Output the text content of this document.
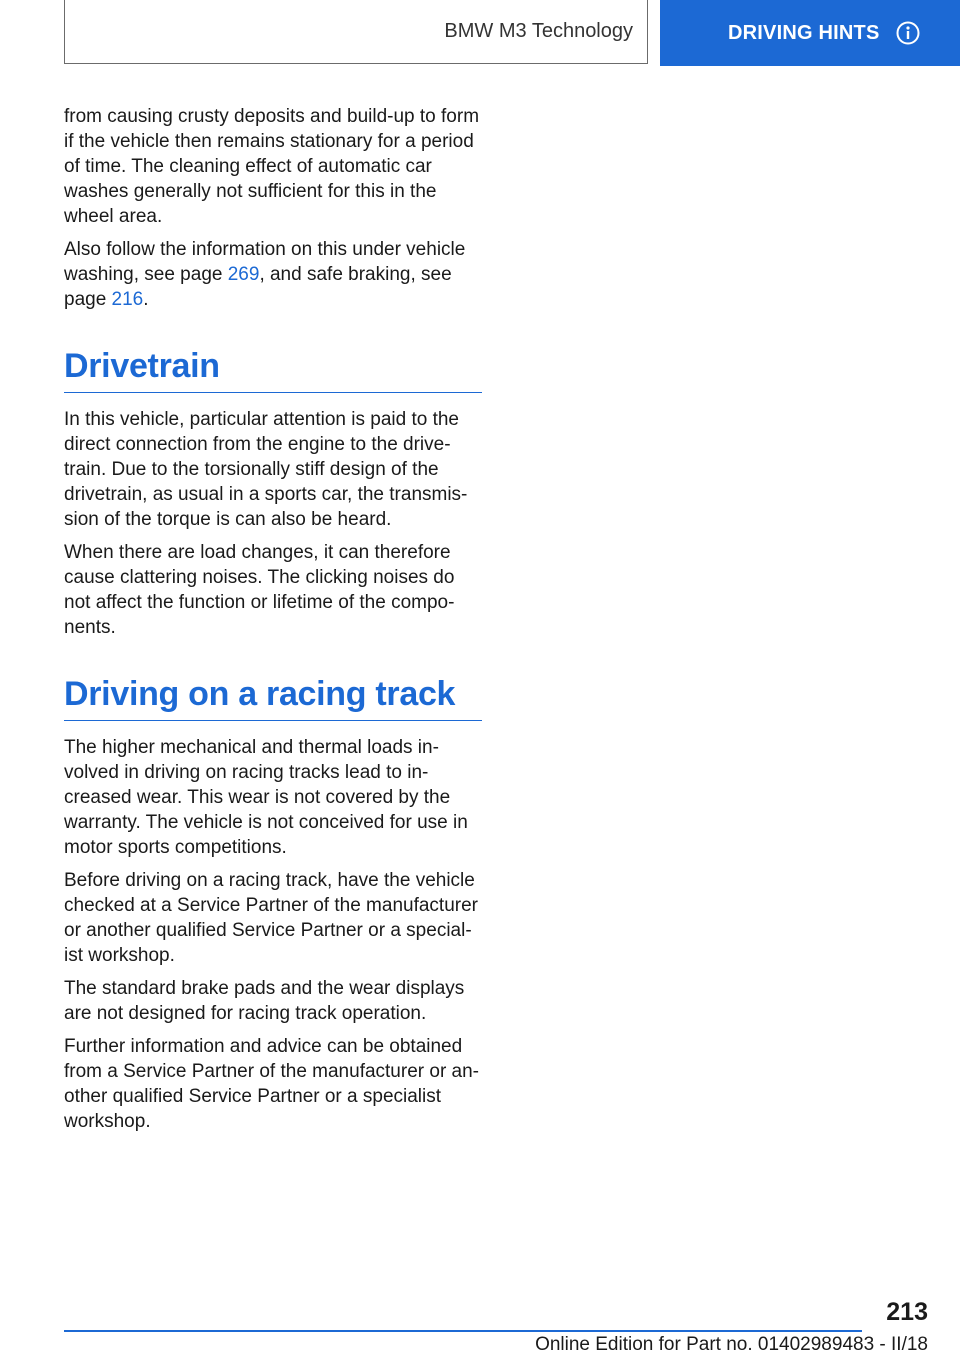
BMW M3 Technology	DRIVING HINTS

from causing crusty deposits and build-up to form if the vehicle then remains stationary for a period of time. The cleaning effect of automatic car washes generally not sufficient for this in the wheel area.

Also follow the information on this under vehicle washing, see page 269, and safe braking, see page 216.

Drivetrain

In this vehicle, particular attention is paid to the direct connection from the engine to the drive-train. Due to the torsionally stiff design of the drivetrain, as usual in a sports car, the transmis-sion of the torque is can also be heard.

When there are load changes, it can therefore cause clattering noises. The clicking noises do not affect the function or lifetime of the compo-nents.

Driving on a racing track

The higher mechanical and thermal loads in-volved in driving on racing tracks lead to in-creased wear. This wear is not covered by the warranty. The vehicle is not conceived for use in motor sports competitions.

Before driving on a racing track, have the vehicle checked at a Service Partner of the manufacturer or another qualified Service Partner or a special-ist workshop.

The standard brake pads and the wear displays are not designed for racing track operation.

Further information and advice can be obtained from a Service Partner of the manufacturer or an-other qualified Service Partner or a specialist workshop.

213
Online Edition for Part no. 01402989483 - II/18
